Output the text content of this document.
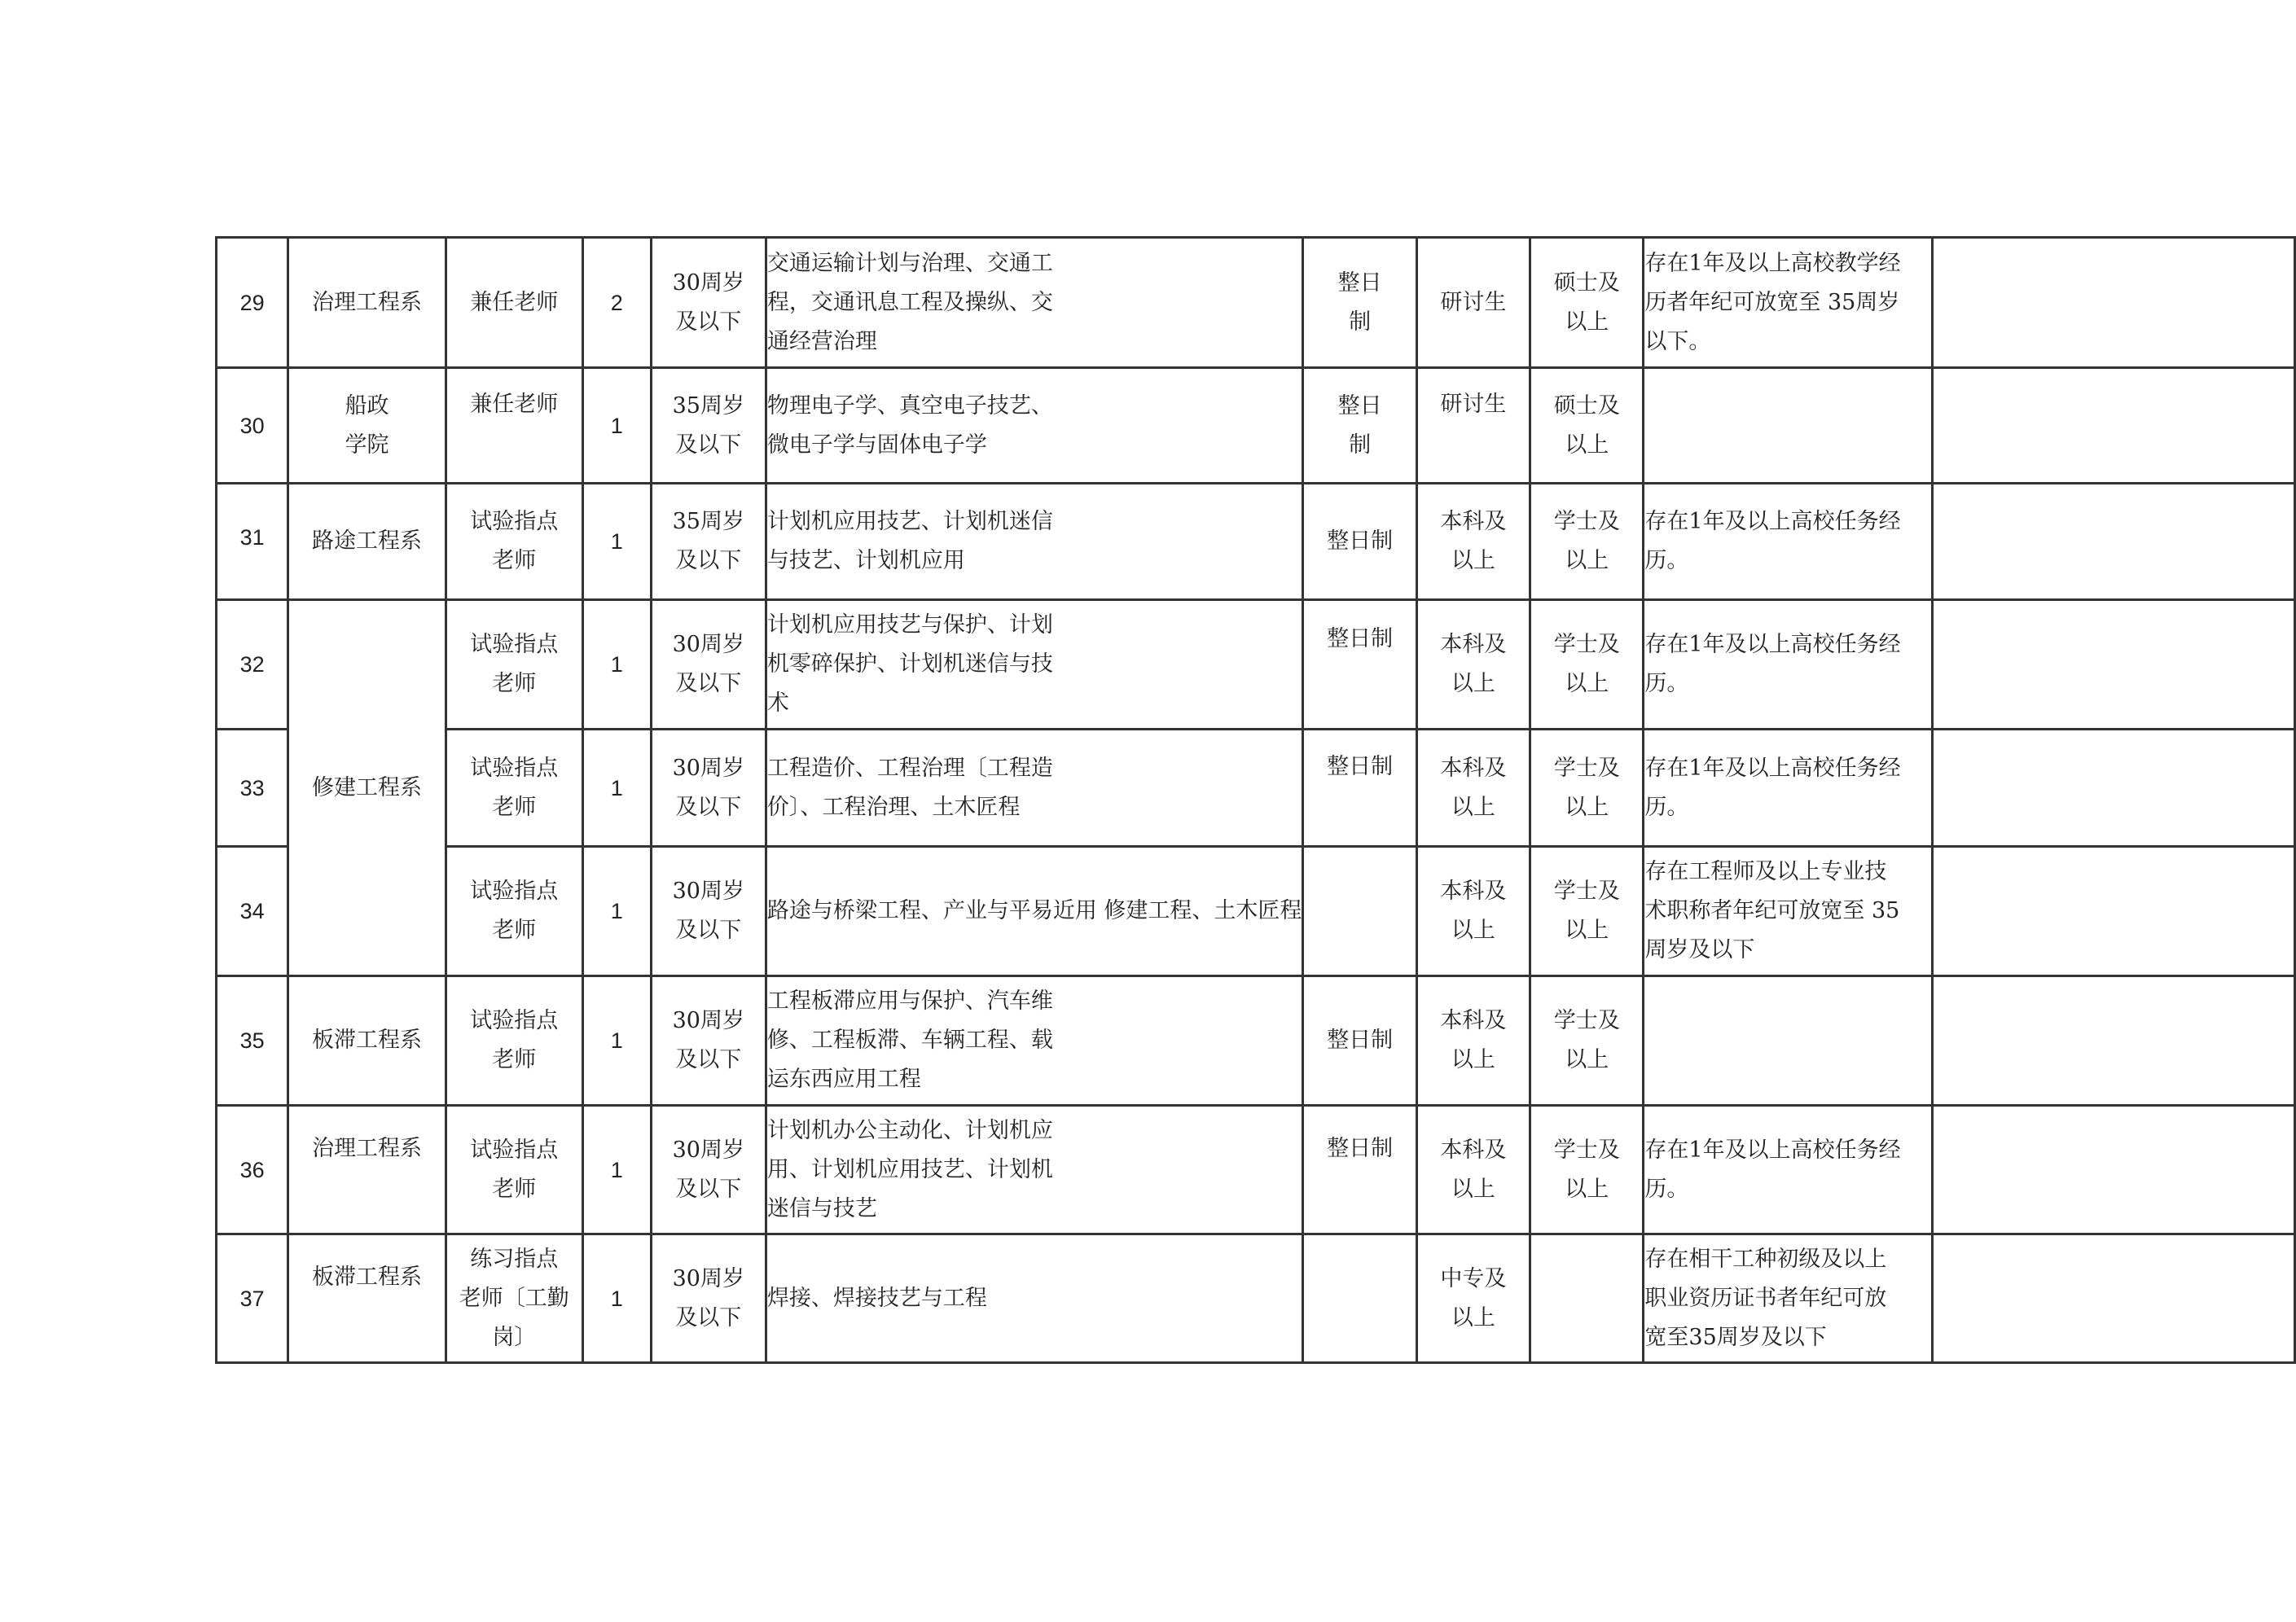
29	治理工程系	兼任老师	2	30周岁
及以下	交通运输计划与治理、交通工
程，交通讯息工程及操纵、交
通经营治理	整日
制	研讨生	硕士及
以上	存在1年及以上高校教学经
历者年纪可放宽至 35周岁
以下。	

30	船政
学院	兼任老师	1	35周岁
及以下	物理电子学、真空电子技艺、
微电子学与固体电子学	整日
制	研讨生	硕士及
以上		

31	路途工程系	试验指点
老师	1	35周岁
及以下	计划机应用技艺、计划机迷信
与技艺、计划机应用	整日制	本科及
以上	学士及
以上	存在1年及以上高校任务经
历。	

32	修建工程系	试验指点
老师	1	30周岁
及以下	计划机应用技艺与保护、计划
机零碎保护、计划机迷信与技
术	整日制	本科及
以上	学士及
以上	存在1年及以上高校任务经
历。	

33		试验指点
老师	1	30周岁
及以下	工程造价、工程治理〔工程造
价〕、工程治理、土木匠程	整日制	本科及
以上	学士及
以上	存在1年及以上高校任务经
历。	

34		试验指点
老师	1	30周岁
及以下	路途与桥梁工程、产业与平易近用 修建工程、土木匠程		本科及
以上	学士及
以上	存在工程师及以上专业技
术职称者年纪可放宽至 35
周岁及以下	

35	板滞工程系	试验指点
老师	1	30周岁
及以下	工程板滞应用与保护、汽车维
修、工程板滞、车辆工程、载
运东西应用工程	整日制	本科及
以上	学士及
以上		

36	治理工程系	试验指点
老师	1	30周岁
及以下	计划机办公主动化、计划机应
用、计划机应用技艺、计划机
迷信与技艺	整日制	本科及
以上	学士及
以上	存在1年及以上高校任务经
历。	

37	板滞工程系	练习指点
老师〔工勤
岗〕	1	30周岁
及以下	焊接、焊接技艺与工程		中专及
以上		存在相干工种初级及以上
职业资历证书者年纪可放
宽至35周岁及以下	
